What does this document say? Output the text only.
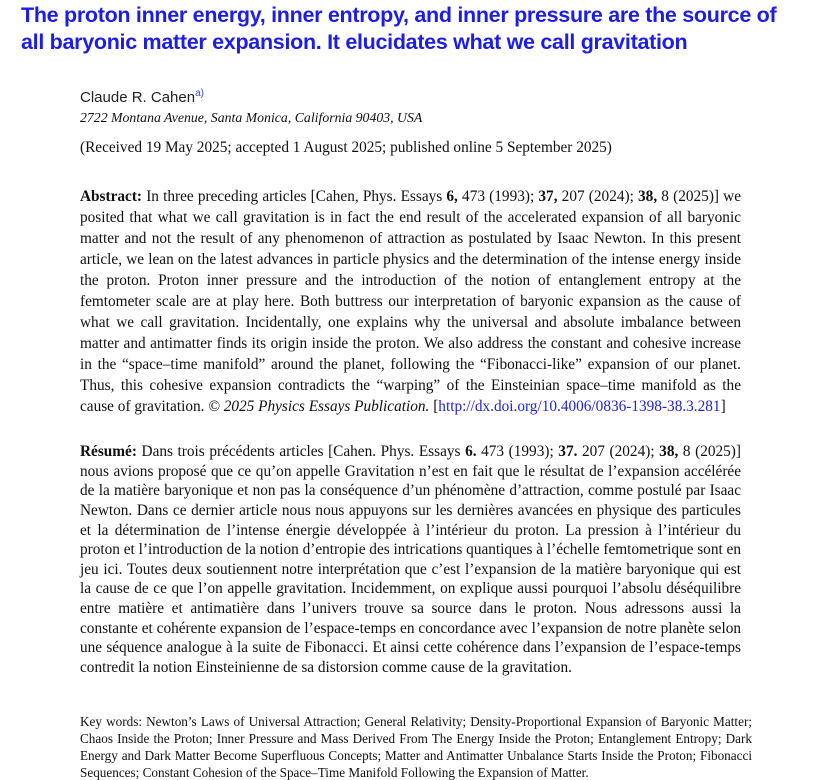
The proton inner energy, inner entropy, and inner pressure are the source of all baryonic matter expansion. It elucidates what we call gravitation
Claude R. Cahen$^{a)}$
2722 Montana Avenue, Santa Monica, California 90403, USA
(Received 19 May 2025; accepted 1 August 2025; published online 5 September 2025)

Abstract: In three preceding articles [Cahen, Phys. Essays 6, 473 (1993); 37, 207 (2024); 38, 8 (2025)] we posited that what we call gravitation is in fact the end result of the accelerated expansion of all baryonic matter and not the result of any phenomenon of attraction as postulated by Isaac Newton. In this present article, we lean on the latest advances in particle physics and the determination of the intense energy inside the proton. Proton inner pressure and the introduction of the notion of entanglement entropy at the femtometer scale are at play here. Both buttress our interpretation of baryonic expansion as the cause of what we call gravitation. Incidentally, one explains why the universal and absolute imbalance between matter and antimatter finds its origin inside the proton. We also address the constant and cohesive increase in the “space–time manifold” around the planet, following the “Fibonacci-like” expansion of our planet. Thus, this cohesive expansion contradicts the “warping” of the Einsteinian space–time manifold as the cause of gravitation. © 2025 Physics Essays Publication. [http://dx.doi.org/10.4006/0836-1398-38.3.281]

Résumé: Dans trois précédents articles [Cahen. Phys. Essays 6. 473 (1993); 37. 207 (2024); 38, 8 (2025)] nous avions proposé que ce qu’on appelle Gravitation n’est en fait que le résultat de l’expansion accélérée de la matière baryonique et non pas la conséquence d’un phénomène d’attraction, comme postulé par Isaac Newton. Dans ce dernier article nous nous appuyons sur les dernières avancées en physique des particules et la détermination de l’intense énergie développée à l’intérieur du proton. La pression à l’intérieur du proton et l’introduction de la notion d’entropie des intrications quantiques à l’échelle femtometrique sont en jeu ici. Toutes deux soutiennent notre interprétation que c’est l’expansion de la matière baryonique qui est la cause de ce que l’on appelle gravitation. Incidemment, on explique aussi pourquoi l’absolu déséquilibre entre matière et antimatière dans l’univers trouve sa source dans le proton. Nous adressons aussi la constante et cohérente expansion de l’espace-temps en concordance avec l’expansion de notre planète selon une séquence analogue à la suite de Fibonacci. Et ainsi cette cohérence dans l’expansion de l’espace-temps contredit la notion Einsteinienne de sa distorsion comme cause de la gravitation.

Key words: Newton’s Laws of Universal Attraction; General Relativity; Density-Proportional Expansion of Baryonic Matter; Chaos Inside the Proton; Inner Pressure and Mass Derived From The Energy Inside the Proton; Entanglement Entropy; Dark Energy and Dark Matter Become Superfluous Concepts; Matter and Antimatter Unbalance Starts Inside the Proton; Fibonacci Sequences; Constant Cohesion of the Space–Time Manifold Following the Expansion of Matter.
